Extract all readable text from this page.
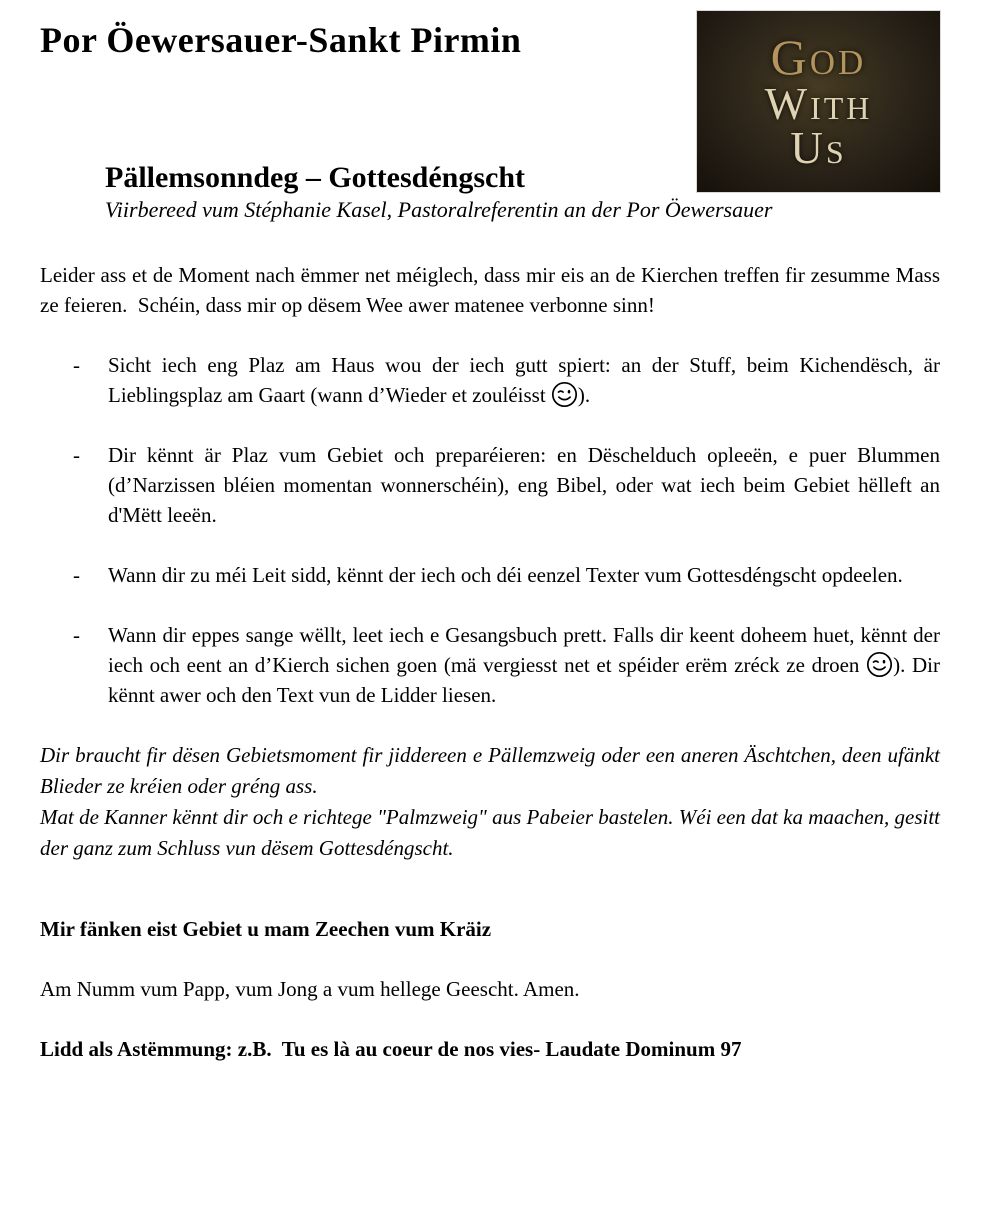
God
With
Us
Por Öewersauer-Sankt Pirmin
Pällemsonndeg – Gottesdéngscht
Viirbereed vum Stéphanie Kasel, Pastoralreferentin an der Por Öewersauer

Leider ass et de Moment nach ëmmer net méiglech, dass mir eis an de Kierchen treffen fir zesumme Mass ze feieren.  Schéin, dass mir op dësem Wee awer matenee verbonne sinn!

-	Sicht iech eng Plaz am Haus wou der iech gutt spiert: an der Stuff, beim Kichendësch, är Lieblingsplaz am Gaart (wann d’Wieder et zouléisst ).
-	Dir kënnt är Plaz vum Gebiet och preparéieren: en Dëschelduch opleeën, e puer Blummen (d’Narzissen bléien momentan wonnerschéin), eng Bibel, oder wat iech beim Gebiet hëlleft an d'Mëtt leeën.
-	Wann dir zu méi Leit sidd, kënnt der iech och déi eenzel Texter vum Gottesdéngscht opdeelen.
-	Wann dir eppes sange wëllt, leet iech e Gesangsbuch prett. Falls dir keent doheem huet, kënnt der iech och eent an d’Kierch sichen goen (mä vergiesst net et spéider erëm zréck ze droen ). Dir kënnt awer och den Text vun de Lidder liesen.

Dir braucht fir dësen Gebietsmoment fir jiddereen e Pällemzweig oder een aneren Äschtchen, deen ufänkt Blieder ze kréien oder gréng ass.

Mat de Kanner kënnt dir och e richtege "Palmzweig" aus Pabeier bastelen. Wéi een dat ka maachen, gesitt der ganz zum Schluss vun dësem Gottesdéngscht.

Mir fänken eist Gebiet u mam Zeechen vum Kräiz
Am Numm vum Papp, vum Jong a vum hellege Geescht. Amen.
Lidd als Astëmmung: z.B.  Tu es là au coeur de nos vies- Laudate Dominum 97
